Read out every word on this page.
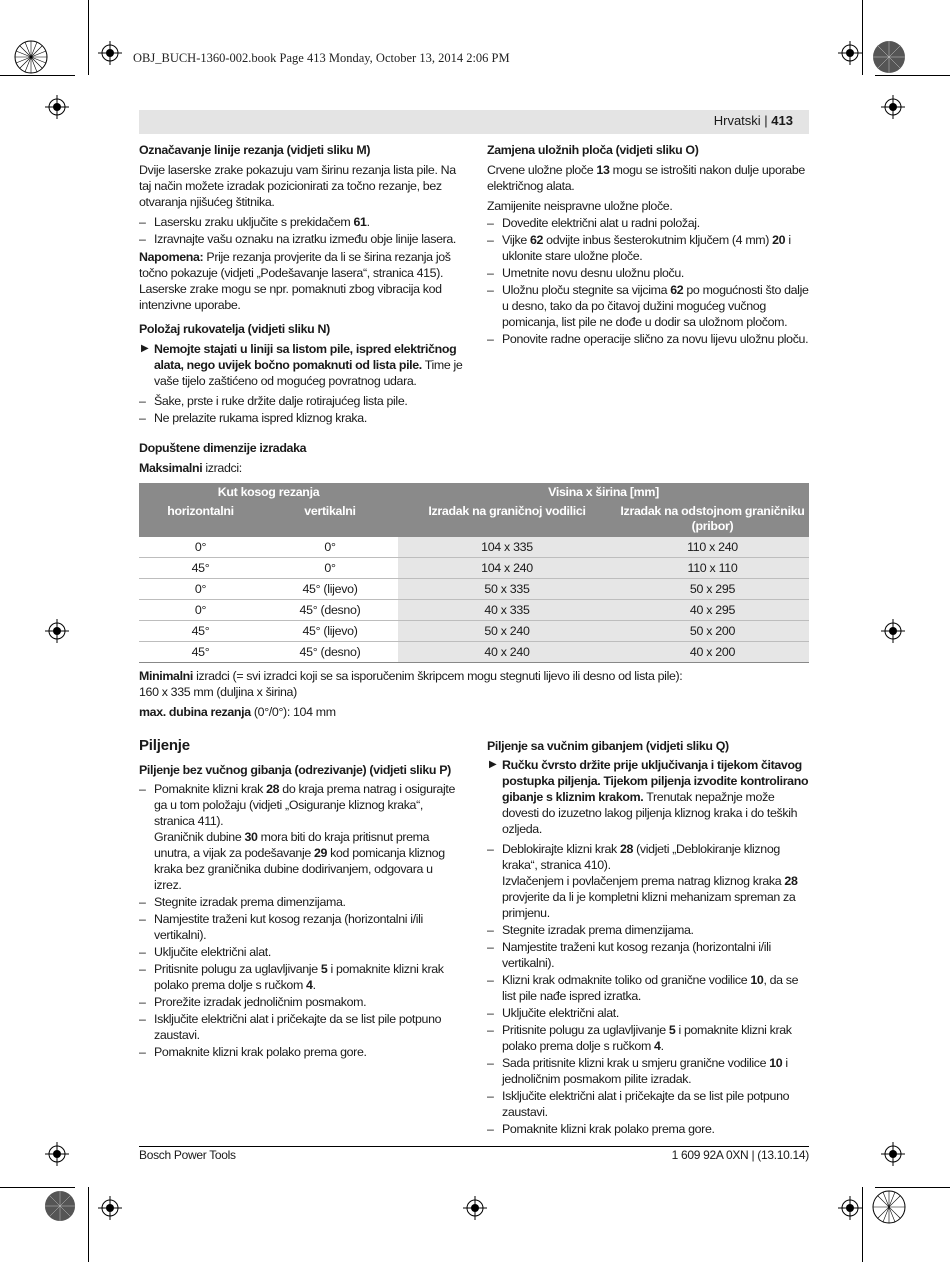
OBJ_BUCH-1360-002.book Page 413 Monday, October 13, 2014 2:06 PM
Hrvatski | 413
Označavanje linije rezanja (vidjeti sliku M)

Dvije laserske zrake pokazuju vam širinu rezanja lista pile. Na taj način možete izradak pozicionirati za točno rezanje, bez otvaranja njišućeg štitnika.

– Lasersku zraku uključite s prekidačem 61.
– Izravnajte vašu oznaku na izratku između obje linije lasera.

Napomena: Prije rezanja provjerite da li se širina rezanja još točno pokazuje (vidjeti „Podešavanje lasera“, stranica 415). Laserske zrake mogu se npr. pomaknuti zbog vibracija kod intenzivne uporabe.

Položaj rukovatelja (vidjeti sliku N)
▶ Nemojte stajati u liniji sa listom pile, ispred električnog alata, nego uvijek bočno pomaknuti od lista pile. Time je vaše tijelo zaštićeno od mogućeg povratnog udara.
– Šake, prste i ruke držite dalje rotirajućeg lista pile.
– Ne prelazite rukama ispred kliznog kraka.
Zamjena uložnih ploča (vidjeti sliku O)

Crvene uložne ploče 13 mogu se istrošiti nakon dulje uporabe električnog alata.

Zamijenite neispravne uložne ploče.

– Dovedite električni alat u radni položaj.
– Vijke 62 odvijte inbus šesterokutnim ključem (4 mm) 20 i uklonite stare uložne ploče.
– Umetnite novu desnu uložnu ploču.
– Uložnu ploču stegnite sa vijcima 62 po mogućnosti što dalje u desno, tako da po čitavoj dužini mogućeg vučnog pomicanja, list pile ne dođe u dodir sa uložnom pločom.
– Ponovite radne operacije slično za novu lijevu uložnu ploču.
Dopuštene dimenzije izradaka

Maksimalni izradci:

Kut kosog rezanja		Visina x širina [mm]	
horizontalni	vertikalni	Izradak na graničnoj vodilici	Izradak na odstojnom graničniku (pribor)
0°	0°	104 x 335	110 x 240
45°	0°	104 x 240	110 x 110
0°	45° (lijevo)	50 x 335	50 x 295
0°	45° (desno)	40 x 335	40 x 295
45°	45° (lijevo)	50 x 240	50 x 200
45°	45° (desno)	40 x 240	40 x 200

Minimalni izradci (= svi izradci koji se sa isporučenim škripcem mogu stegnuti lijevo ili desno od lista pile):

160 x 335 mm (duljina x širina)

max. dubina rezanja (0°/0°): 104 mm

Piljenje
Piljenje bez vučnog gibanja (odrezivanje) (vidjeti sliku P)
– Pomaknite klizni krak 28 do kraja prema natrag i osigurajte ga u tom položaju (vidjeti „Osiguranje kliznog kraka“, stranica 411).
Graničnik dubine 30 mora biti do kraja pritisnut prema unutra, a vijak za podešavanje 29 kod pomicanja kliznog kraka bez graničnika dubine dodirivanjem, odgovara u izrez.
– Stegnite izradak prema dimenzijama.
– Namjestite traženi kut kosog rezanja (horizontalni i/ili vertikalni).
– Uključite električni alat.
– Pritisnite polugu za uglavljivanje 5 i pomaknite klizni krak polako prema dolje s ručkom 4.
– Prorežite izradak jednoličnim posmakom.
– Isključite električni alat i pričekajte da se list pile potpuno zaustavi.
– Pomaknite klizni krak polako prema gore.
Piljenje sa vučnim gibanjem (vidjeti sliku Q)
▶ Ručku čvrsto držite prije uključivanja i tijekom čitavog postupka piljenja. Tijekom piljenja izvodite kontrolirano gibanje s kliznim krakom. Trenutak nepažnje može dovesti do izuzetno lakog piljenja kliznog kraka i do teških ozljeda.
– Deblokirajte klizni krak 28 (vidjeti „Deblokiranje kliznog kraka“, stranica 410).
Izvlačenjem i povlačenjem prema natrag kliznog kraka 28 provjerite da li je kompletni klizni mehanizam spreman za primjenu.
– Stegnite izradak prema dimenzijama.
– Namjestite traženi kut kosog rezanja (horizontalni i/ili vertikalni).
– Klizni krak odmaknite toliko od granične vodilice 10, da se list pile nađe ispred izratka.
– Uključite električni alat.
– Pritisnite polugu za uglavljivanje 5 i pomaknite klizni krak polako prema dolje s ručkom 4.
– Sada pritisnite klizni krak u smjeru granične vodilice 10 i jednoličnim posmakom pilite izradak.
– Isključite električni alat i pričekajte da se list pile potpuno zaustavi.
– Pomaknite klizni krak polako prema gore.
Bosch Power Tools	1 609 92A 0XN | (13.10.14)
